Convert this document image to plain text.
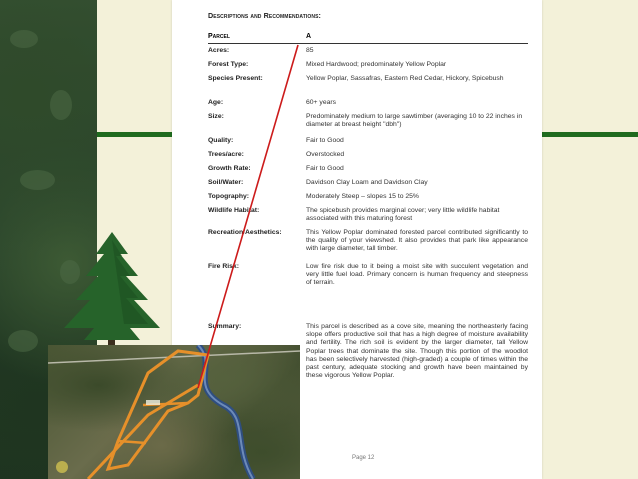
Descriptions and Recommendations:
Parcel	A
Acres:	85
Forest Type:	Mixed Hardwood; predominately Yellow Poplar
Species Present:	Yellow Poplar, Sassafras, Eastern Red Cedar, Hickory, Spicebush
Age:	60+ years
Size:	Predominately medium to large sawtimber (averaging 10 to 22 inches in diameter at breast height "dbh")
Quality:	Fair to Good
Trees/acre:	Overstocked
Growth Rate:	Fair to Good
Soil/Water:	Davidson Clay Loam and Davidson Clay
Topography:	Moderately Steep – slopes 15 to 25%
Wildlife Habitat:	The spicebush provides marginal cover; very little wildlife habitat associated with this maturing forest
Recreation/Aesthetics:	This Yellow Poplar dominated forested parcel contributed significantly to the quality of your viewshed. It also provides that park like appearance with large diameter, tall timber.
Fire Risk:	Low fire risk due to it being a moist site with succulent vegetation and very little fuel load. Primary concern is human frequency and steepness of terrain.
Summary:	This parcel is described as a cove site, meaning the northeasterly facing slope offers productive soil that has a high degree of moisture availability and fertility. The rich soil is evident by the larger diameter, tall Yellow Poplar trees that dominate the site. Though this portion of the woodlot has been selectively harvested (high-graded) a couple of times within the past century, adequate stocking and growth have been maintained by these vigorous Yellow Poplar.
Page 12
